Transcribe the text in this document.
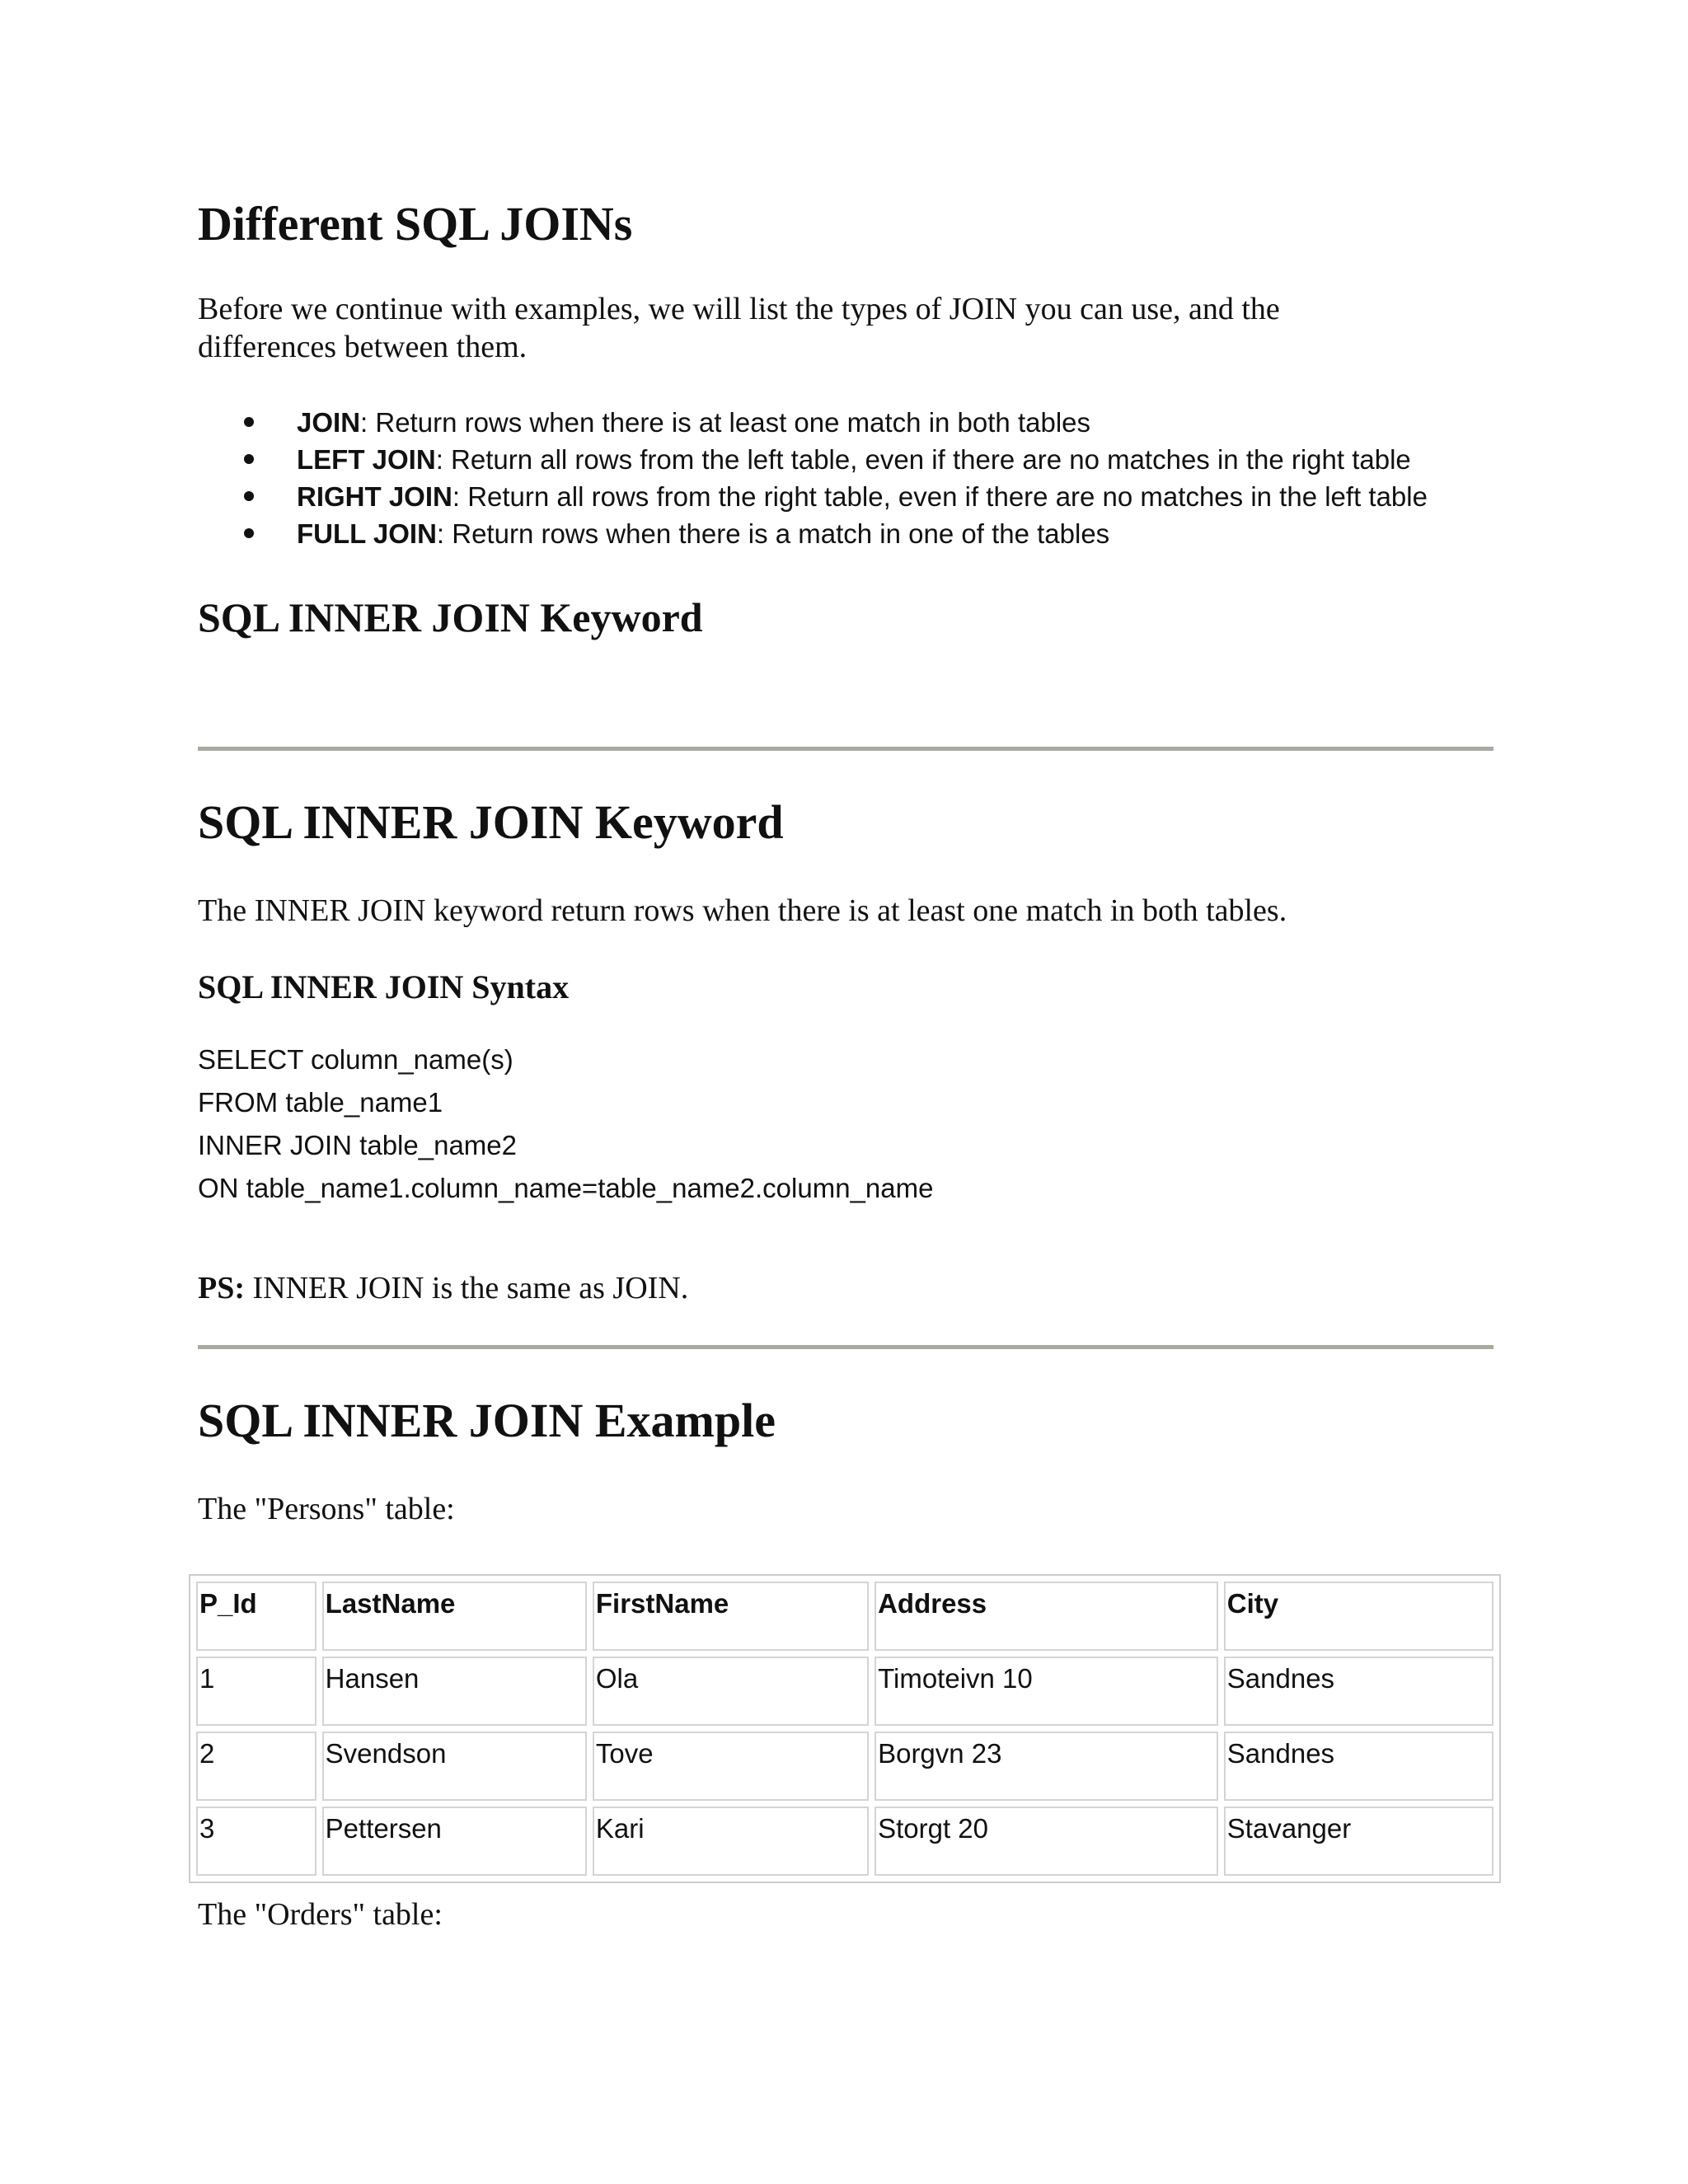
Different SQL JOINs

Before we continue with examples, we will list the types of JOIN you can use, and the differences between them.

JOIN: Return rows when there is at least one match in both tables
LEFT JOIN: Return all rows from the left table, even if there are no matches in the right table
RIGHT JOIN: Return all rows from the right table, even if there are no matches in the left table
FULL JOIN: Return rows when there is a match in one of the tables
SQL INNER JOIN Keyword
SQL INNER JOIN Keyword

The INNER JOIN keyword return rows when there is at least one match in both tables.

SQL INNER JOIN Syntax
SELECT column_name(s)
FROM table_name1
INNER JOIN table_name2
ON table_name1.column_name=table_name2.column_name

PS: INNER JOIN is the same as JOIN.

SQL INNER JOIN Example

The "Persons" table:

P_Id	LastName	FirstName	Address	City
1	Hansen	Ola	Timoteivn 10	Sandnes
2	Svendson	Tove	Borgvn 23	Sandnes
3	Pettersen	Kari	Storgt 20	Stavanger

The "Orders" table:
